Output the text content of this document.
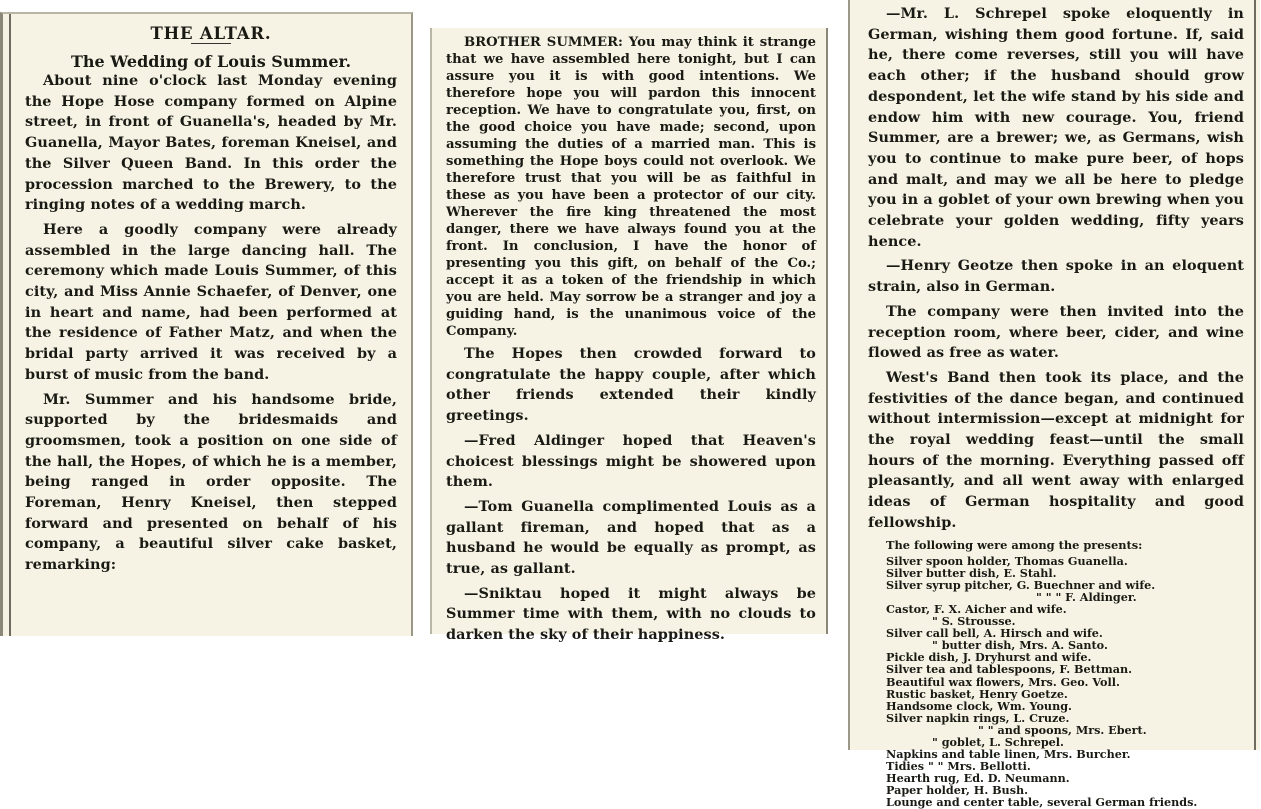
THE ALTAR.

The Wedding of Louis Summer.

About nine o'clock last Monday evening the Hope Hose company formed on Alpine street, in front of Guanella's, headed by Mr. Guanella, Mayor Bates, foreman Kneisel, and the Silver Queen Band. In this order the procession marched to the Brewery, to the ringing notes of a wedding march.

Here a goodly company were already assembled in the large dancing hall. The ceremony which made Louis Summer, of this city, and Miss Annie Schaefer, of Denver, one in heart and name, had been performed at the residence of Father Matz, and when the bridal party arrived it was received by a burst of music from the band.

Mr. Summer and his handsome bride, supported by the bridesmaids and groomsmen, took a position on one side of the hall, the Hopes, of which he is a member, being ranged in order opposite. The Foreman, Henry Kneisel, then stepped forward and presented on behalf of his company, a beautiful silver cake basket, remarking:

BROTHER SUMMER: You may think it strange that we have assembled here tonight, but I can assure you it is with good intentions. We therefore hope you will pardon this innocent reception. We have to congratulate you, first, on the good choice you have made; second, upon assuming the duties of a married man. This is something the Hope boys could not overlook. We therefore trust that you will be as faithful in these as you have been a protector of our city. Wherever the fire king threatened the most danger, there we have always found you at the front. In conclusion, I have the honor of presenting you this gift, on behalf of the Co.; accept it as a token of the friendship in which you are held. May sorrow be a stranger and joy a guiding hand, is the unanimous voice of the Company.

The Hopes then crowded forward to congratulate the happy couple, after which other friends extended their kindly greetings.

—Fred Aldinger hoped that Heaven's choicest blessings might be showered upon them.

—Tom Guanella complimented Louis as a gallant fireman, and hoped that as a husband he would be equally as prompt, as true, as gallant.

—Sniktau hoped it might always be Summer time with them, with no clouds to darken the sky of their happiness.

—Mr. L. Schrepel spoke eloquently in German, wishing them good fortune. If, said he, there come reverses, still you will have each other; if the husband should grow despondent, let the wife stand by his side and endow him with new courage. You, friend Summer, are a brewer; we, as Germans, wish you to continue to make pure beer, of hops and malt, and may we all be here to pledge you in a goblet of your own brewing when you celebrate your golden wedding, fifty years hence.

—Henry Geotze then spoke in an eloquent strain, also in German.

The company were then invited into the reception room, where beer, cider, and wine flowed as free as water.

West's Band then took its place, and the festivities of the dance began, and continued without intermission—except at midnight for the royal wedding feast—until the small hours of the morning. Everything passed off pleasantly, and all went away with enlarged ideas of German hospitality and good fellowship.

The following were among the presents:

Silver spoon holder, Thomas Guanella.
Silver butter dish, E. Stahl.
Silver syrup pitcher, G. Buechner and wife.
" " " F. Aldinger.
Castor, F. X. Aicher and wife.
" S. Strousse.
Silver call bell, A. Hirsch and wife.
" butter dish, Mrs. A. Santo.
Pickle dish, J. Dryhurst and wife.
Silver tea and tablespoons, F. Bettman.
Beautiful wax flowers, Mrs. Geo. Voll.
Rustic basket, Henry Goetze.
Handsome clock, Wm. Young.
Silver napkin rings, L. Cruze.
" " and spoons, Mrs. Ebert.
" goblet, L. Schrepel.
Napkins and table linen, Mrs. Burcher.
Tidies " " Mrs. Bellotti.
Hearth rug, Ed. D. Neumann.
Paper holder, H. Bush.
Lounge and center table, several German friends.
